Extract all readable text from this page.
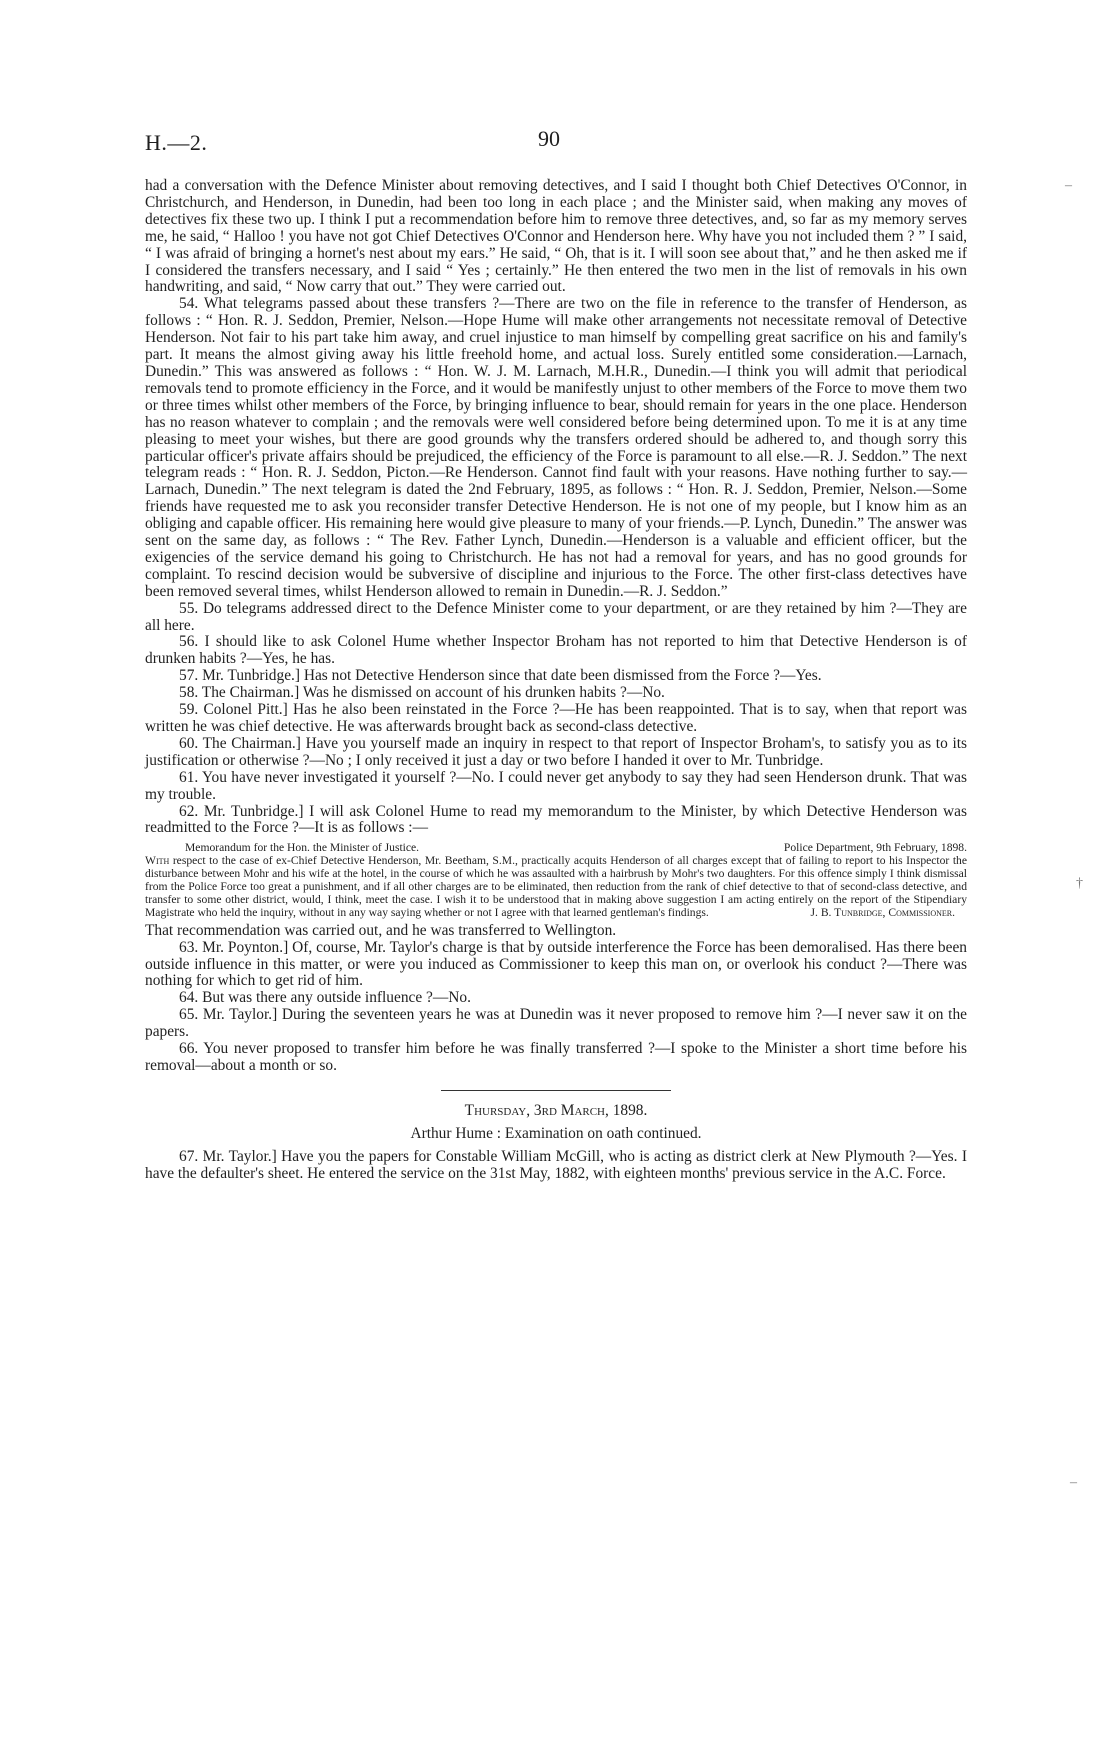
H.—2.	90

had a conversation with the Defence Minister about removing detectives, and I said I thought both Chief Detectives O'Connor, in Christchurch, and Henderson, in Dunedin, had been too long in each place ; and the Minister said, when making any moves of detectives fix these two up. I think I put a recommendation before him to remove three detectives, and, so far as my memory serves me, he said, “ Halloo ! you have not got Chief Detectives O'Connor and Henderson here. Why have you not included them ? ” I said, “ I was afraid of bringing a hornet's nest about my ears.” He said, “ Oh, that is it. I will soon see about that,” and he then asked me if I considered the transfers necessary, and I said “ Yes ; certainly.” He then entered the two men in the list of removals in his own handwriting, and said, “ Now carry that out.” They were carried out.

54. What telegrams passed about these transfers ?—There are two on the file in reference to the transfer of Henderson, as follows : “ Hon. R. J. Seddon, Premier, Nelson.—Hope Hume will make other arrangements not necessitate removal of Detective Henderson. Not fair to his part take him away, and cruel injustice to man himself by compelling great sacrifice on his and family's part. It means the almost giving away his little freehold home, and actual loss. Surely entitled some consideration.—Larnach, Dunedin.” This was answered as follows : “ Hon. W. J. M. Larnach, M.H.R., Dunedin.—I think you will admit that periodical removals tend to promote efficiency in the Force, and it would be manifestly unjust to other members of the Force to move them two or three times whilst other members of the Force, by bringing influence to bear, should remain for years in the one place. Henderson has no reason whatever to complain ; and the removals were well considered before being determined upon. To me it is at any time pleasing to meet your wishes, but there are good grounds why the transfers ordered should be adhered to, and though sorry this particular officer's private affairs should be prejudiced, the efficiency of the Force is paramount to all else.—R. J. Seddon.” The next telegram reads : “ Hon. R. J. Seddon, Picton.—Re Henderson. Cannot find fault with your reasons. Have nothing further to say.—Larnach, Dunedin.” The next telegram is dated the 2nd February, 1895, as follows : “ Hon. R. J. Seddon, Premier, Nelson.—Some friends have requested me to ask you reconsider transfer Detective Henderson. He is not one of my people, but I know him as an obliging and capable officer. His remaining here would give pleasure to many of your friends.—P. Lynch, Dunedin.” The answer was sent on the same day, as follows : “ The Rev. Father Lynch, Dunedin.—Henderson is a valuable and efficient officer, but the exigencies of the service demand his going to Christchurch. He has not had a removal for years, and has no good grounds for complaint. To rescind decision would be subversive of discipline and injurious to the Force. The other first-class detectives have been removed several times, whilst Henderson allowed to remain in Dunedin.—R. J. Seddon.”

55. Do telegrams addressed direct to the Defence Minister come to your department, or are they retained by him ?—They are all here.

56. I should like to ask Colonel Hume whether Inspector Broham has not reported to him that Detective Henderson is of drunken habits ?—Yes, he has.

57. Mr. Tunbridge.] Has not Detective Henderson since that date been dismissed from the Force ?—Yes.

58. The Chairman.] Was he dismissed on account of his drunken habits ?—No.

59. Colonel Pitt.] Has he also been reinstated in the Force ?—He has been reappointed. That is to say, when that report was written he was chief detective. He was afterwards brought back as second-class detective.

60. The Chairman.] Have you yourself made an inquiry in respect to that report of Inspector Broham's, to satisfy you as to its justification or otherwise ?—No ; I only received it just a day or two before I handed it over to Mr. Tunbridge.

61. You have never investigated it yourself ?—No. I could never get anybody to say they had seen Henderson drunk. That was my trouble.

62. Mr. Tunbridge.] I will ask Colonel Hume to read my memorandum to the Minister, by which Detective Henderson was readmitted to the Force ?—It is as follows :—

Memorandum for the Hon. the Minister of Justice.	Police Department, 9th February, 1898.

With respect to the case of ex-Chief Detective Henderson, Mr. Beetham, S.M., practically acquits Henderson of all charges except that of failing to report to his Inspector the disturbance between Mohr and his wife at the hotel, in the course of which he was assaulted with a hairbrush by Mohr's two daughters. For this offence simply I think dismissal from the Police Force too great a punishment, and if all other charges are to be eliminated, then reduction from the rank of chief detective to that of second-class detective, and transfer to some other district, would, I think, meet the case. I wish it to be understood that in making above suggestion I am acting entirely on the report of the Stipendiary Magistrate who held the inquiry, without in any way saying whether or not I agree with that learned gentleman's findings.	J. B. Tunbridge, Commissioner.

That recommendation was carried out, and he was transferred to Wellington.

63. Mr. Poynton.] Of, course, Mr. Taylor's charge is that by outside interference the Force has been demoralised. Has there been outside influence in this matter, or were you induced as Commissioner to keep this man on, or overlook his conduct ?—There was nothing for which to get rid of him.

64. But was there any outside influence ?—No.

65. Mr. Taylor.] During the seventeen years he was at Dunedin was it never proposed to remove him ?—I never saw it on the papers.

66. You never proposed to transfer him before he was finally transferred ?—I spoke to the Minister a short time before his removal—about a month or so.

Thursday, 3rd March, 1898.
Arthur Hume : Examination on oath continued.

67. Mr. Taylor.] Have you the papers for Constable William McGill, who is acting as district clerk at New Plymouth ?—Yes. I have the defaulter's sheet. He entered the service on the 31st May, 1882, with eighteen months' previous service in the A.C. Force.

–
†
–
